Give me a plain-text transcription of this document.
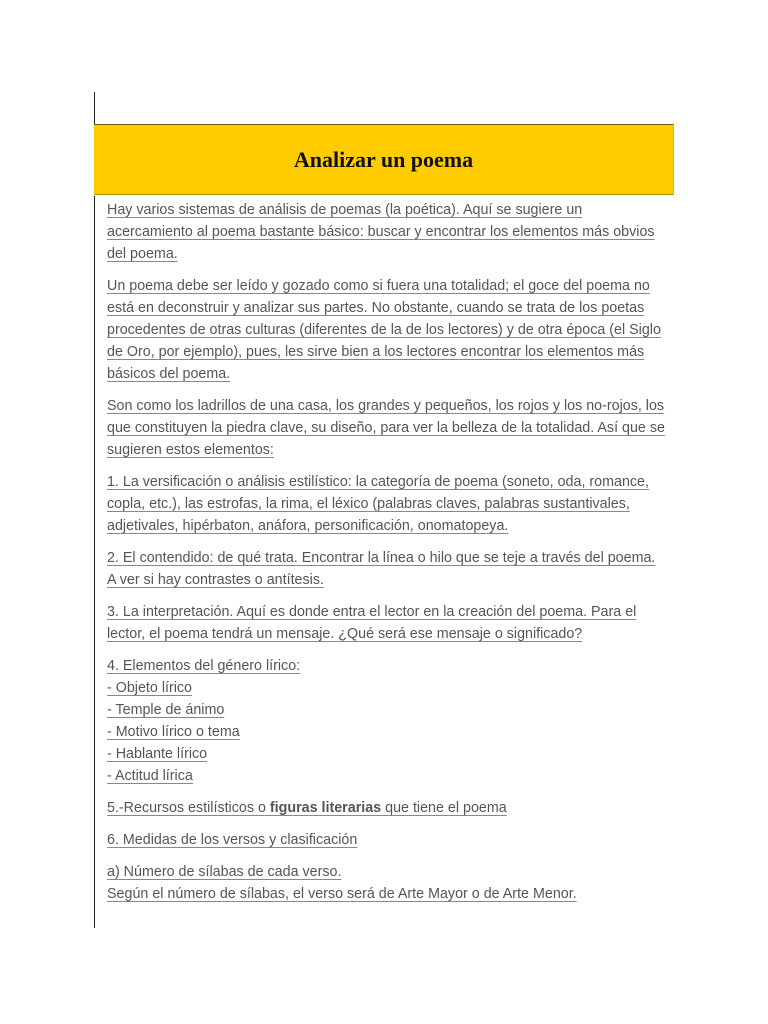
Analizar un poema

Hay varios sistemas de análisis de poemas (la poética). Aquí se sugiere un acercamiento al poema bastante básico: buscar y encontrar los elementos más obvios del poema.

Un poema debe ser leído y gozado como si fuera una totalidad; el goce del poema no está en deconstruir y analizar sus partes. No obstante, cuando se trata de los poetas procedentes de otras culturas (diferentes de la de los lectores) y de otra época (el Siglo de Oro, por ejemplo), pues, les sirve bien a los lectores encontrar los elementos más básicos del poema.

Son como los ladrillos de una casa, los grandes y pequeños, los rojos y los no-rojos, los que constituyen la piedra clave, su diseño, para ver la belleza de la totalidad. Así que se sugieren estos elementos:

1. La versificación o análisis estilístico: la categoría de poema (soneto, oda, romance, copla, etc.), las estrofas, la rima, el léxico (palabras claves, palabras sustantivales, adjetivales, hipérbaton, anáfora, personificación, onomatopeya.

2. El contendido: de qué trata. Encontrar la línea o hilo que se teje a través del poema. A ver si hay contrastes o antítesis.

3. La interpretación. Aquí es donde entra el lector en la creación del poema. Para el lector, el poema tendrá un mensaje. ¿Qué será ese mensaje o significado?

4. Elementos del género lírico:
- Objeto lírico
- Temple de ánimo
- Motivo lírico o tema
- Hablante lírico
- Actitud lírica

5.-Recursos estilísticos o figuras literarias que tiene el poema

6. Medidas de los versos y clasificación

a) Número de sílabas de cada verso.
Según el número de sílabas, el verso será de Arte Mayor o de Arte Menor.
